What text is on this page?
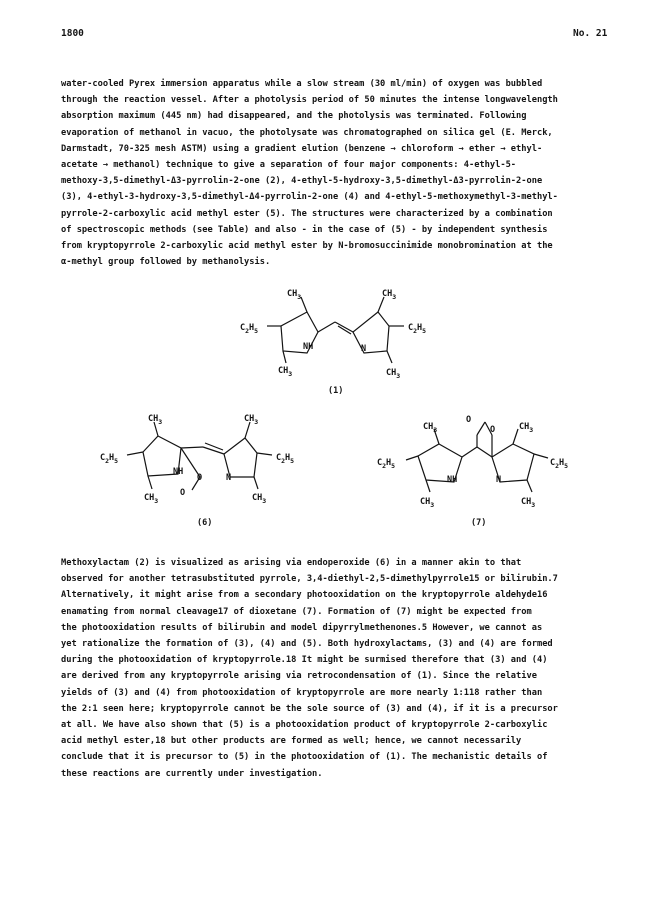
1800	No. 21

water-cooled Pyrex immersion apparatus while a slow stream (30 ml/min) of oxygen was bubbled
through the reaction vessel. After a photolysis period of 50 minutes the intense longwavelength
absorption maximum (445 nm) had disappeared, and the photolysis was terminated. Following
evaporation of methanol in vacuo, the photolysate was chromatographed on silica gel (E. Merck,
Darmstadt, 70-325 mesh ASTM) using a gradient elution (benzene → chloroform → ether → ethyl-
acetate → methanol) technique to give a separation of four major components: 4-ethyl-5-
methoxy-3,5-dimethyl-Δ3-pyrrolin-2-one (2), 4-ethyl-5-hydroxy-3,5-dimethyl-Δ3-pyrrolin-2-one
(3), 4-ethyl-3-hydroxy-3,5-dimethyl-Δ4-pyrrolin-2-one (4) and 4-ethyl-5-methoxymethyl-3-methyl-
pyrrole-2-carboxylic acid methyl ester (5). The structures were characterized by a combination
of spectroscopic methods (see Table) and also - in the case of (5) - by independent synthesis
from kryptopyrrole 2-carboxylic acid methyl ester by N-bromosuccinimide monobromination at the
α-methyl group followed by methanolysis.

$CH_3$	$CH_3$
$C_2H_5$	$C_2H_5$
NH	N
$CH_3$	$CH_3$
(1)
$CH_3$	$CH_3$
$C_2H_5$	$C_2H_5$
NH
N
O
O
$CH_3$	$CH_3$
(6)
O
O
$CH_3$	$CH_3$
$C_2H_5$	$C_2H_5$
NH	N
$CH_3$	$CH_3$
(7)

Methoxylactam (2) is visualized as arising via endoperoxide (6) in a manner akin to that
observed for another tetrasubstituted pyrrole, 3,4-diethyl-2,5-dimethylpyrrole15 or bilirubin.7
Alternatively, it might arise from a secondary photooxidation on the kryptopyrrole aldehyde16
enamating from normal cleavage17 of dioxetane (7). Formation of (7) might be expected from
the photooxidation results of bilirubin and model dipyrrylmethenones.5 However, we cannot as
yet rationalize the formation of (3), (4) and (5). Both hydroxylactams, (3) and (4) are formed
during the photooxidation of kryptopyrrole.18 It might be surmised therefore that (3) and (4)
are derived from any kryptopyrrole arising via retrocondensation of (1). Since the relative
yields of (3) and (4) from photooxidation of kryptopyrrole are more nearly 1:118 rather than
the 2:1 seen here; kryptopyrrole cannot be the sole source of (3) and (4), if it is a precursor
at all. We have also shown that (5) is a photooxidation product of kryptopyrrole 2-carboxylic
acid methyl ester,18 but other products are formed as well; hence, we cannot necessarily
conclude that it is precursor to (5) in the photooxidation of (1). The mechanistic details of
these reactions are currently under investigation.
